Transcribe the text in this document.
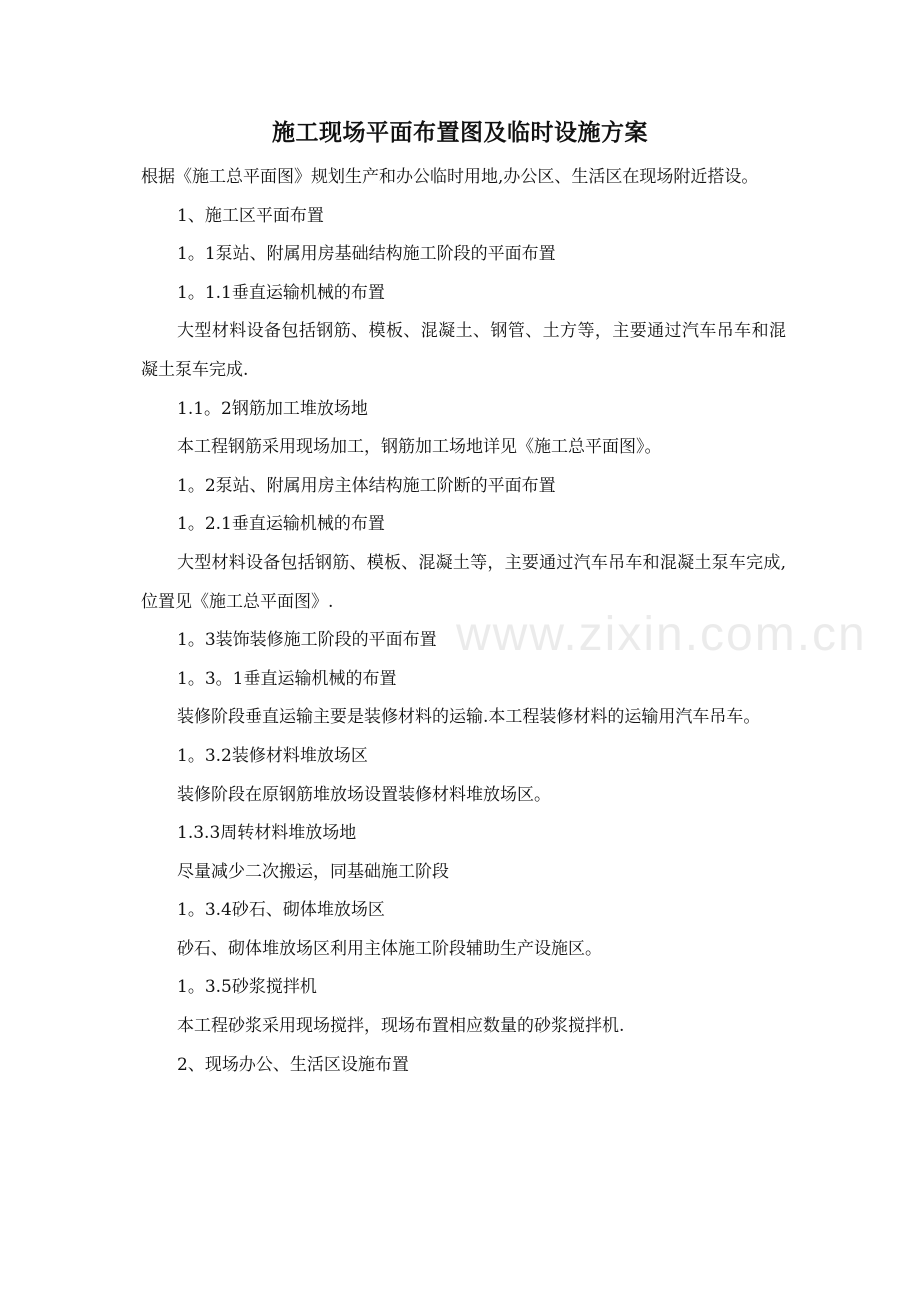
施工现场平面布置图及临时设施方案

根据《施工总平面图》规划生产和办公临时用地,办公区、生活区在现场附近搭设。

1、施工区平面布置

1。1泵站、附属用房基础结构施工阶段的平面布置

1。1.1垂直运输机械的布置

大型材料设备包括钢筋、模板、混凝土、钢管、土方等，主要通过汽车吊车和混凝土泵车完成.

1.1。2钢筋加工堆放场地

本工程钢筋采用现场加工，钢筋加工场地详见《施工总平面图》。

1。2泵站、附属用房主体结构施工阶断的平面布置

1。2.1垂直运输机械的布置

大型材料设备包括钢筋、模板、混凝土等，主要通过汽车吊车和混凝土泵车完成,位置见《施工总平面图》.

1。3装饰装修施工阶段的平面布置

1。3。1垂直运输机械的布置

装修阶段垂直运输主要是装修材料的运输.本工程装修材料的运输用汽车吊车。

1。3.2装修材料堆放场区

装修阶段在原钢筋堆放场设置装修材料堆放场区。

1.3.3周转材料堆放场地

尽量减少二次搬运，同基础施工阶段

1。3.4砂石、砌体堆放场区

砂石、砌体堆放场区利用主体施工阶段辅助生产设施区。

1。3.5砂浆搅拌机

本工程砂浆采用现场搅拌，现场布置相应数量的砂浆搅拌机.

2、现场办公、生活区设施布置

www.zixin.com.cn
